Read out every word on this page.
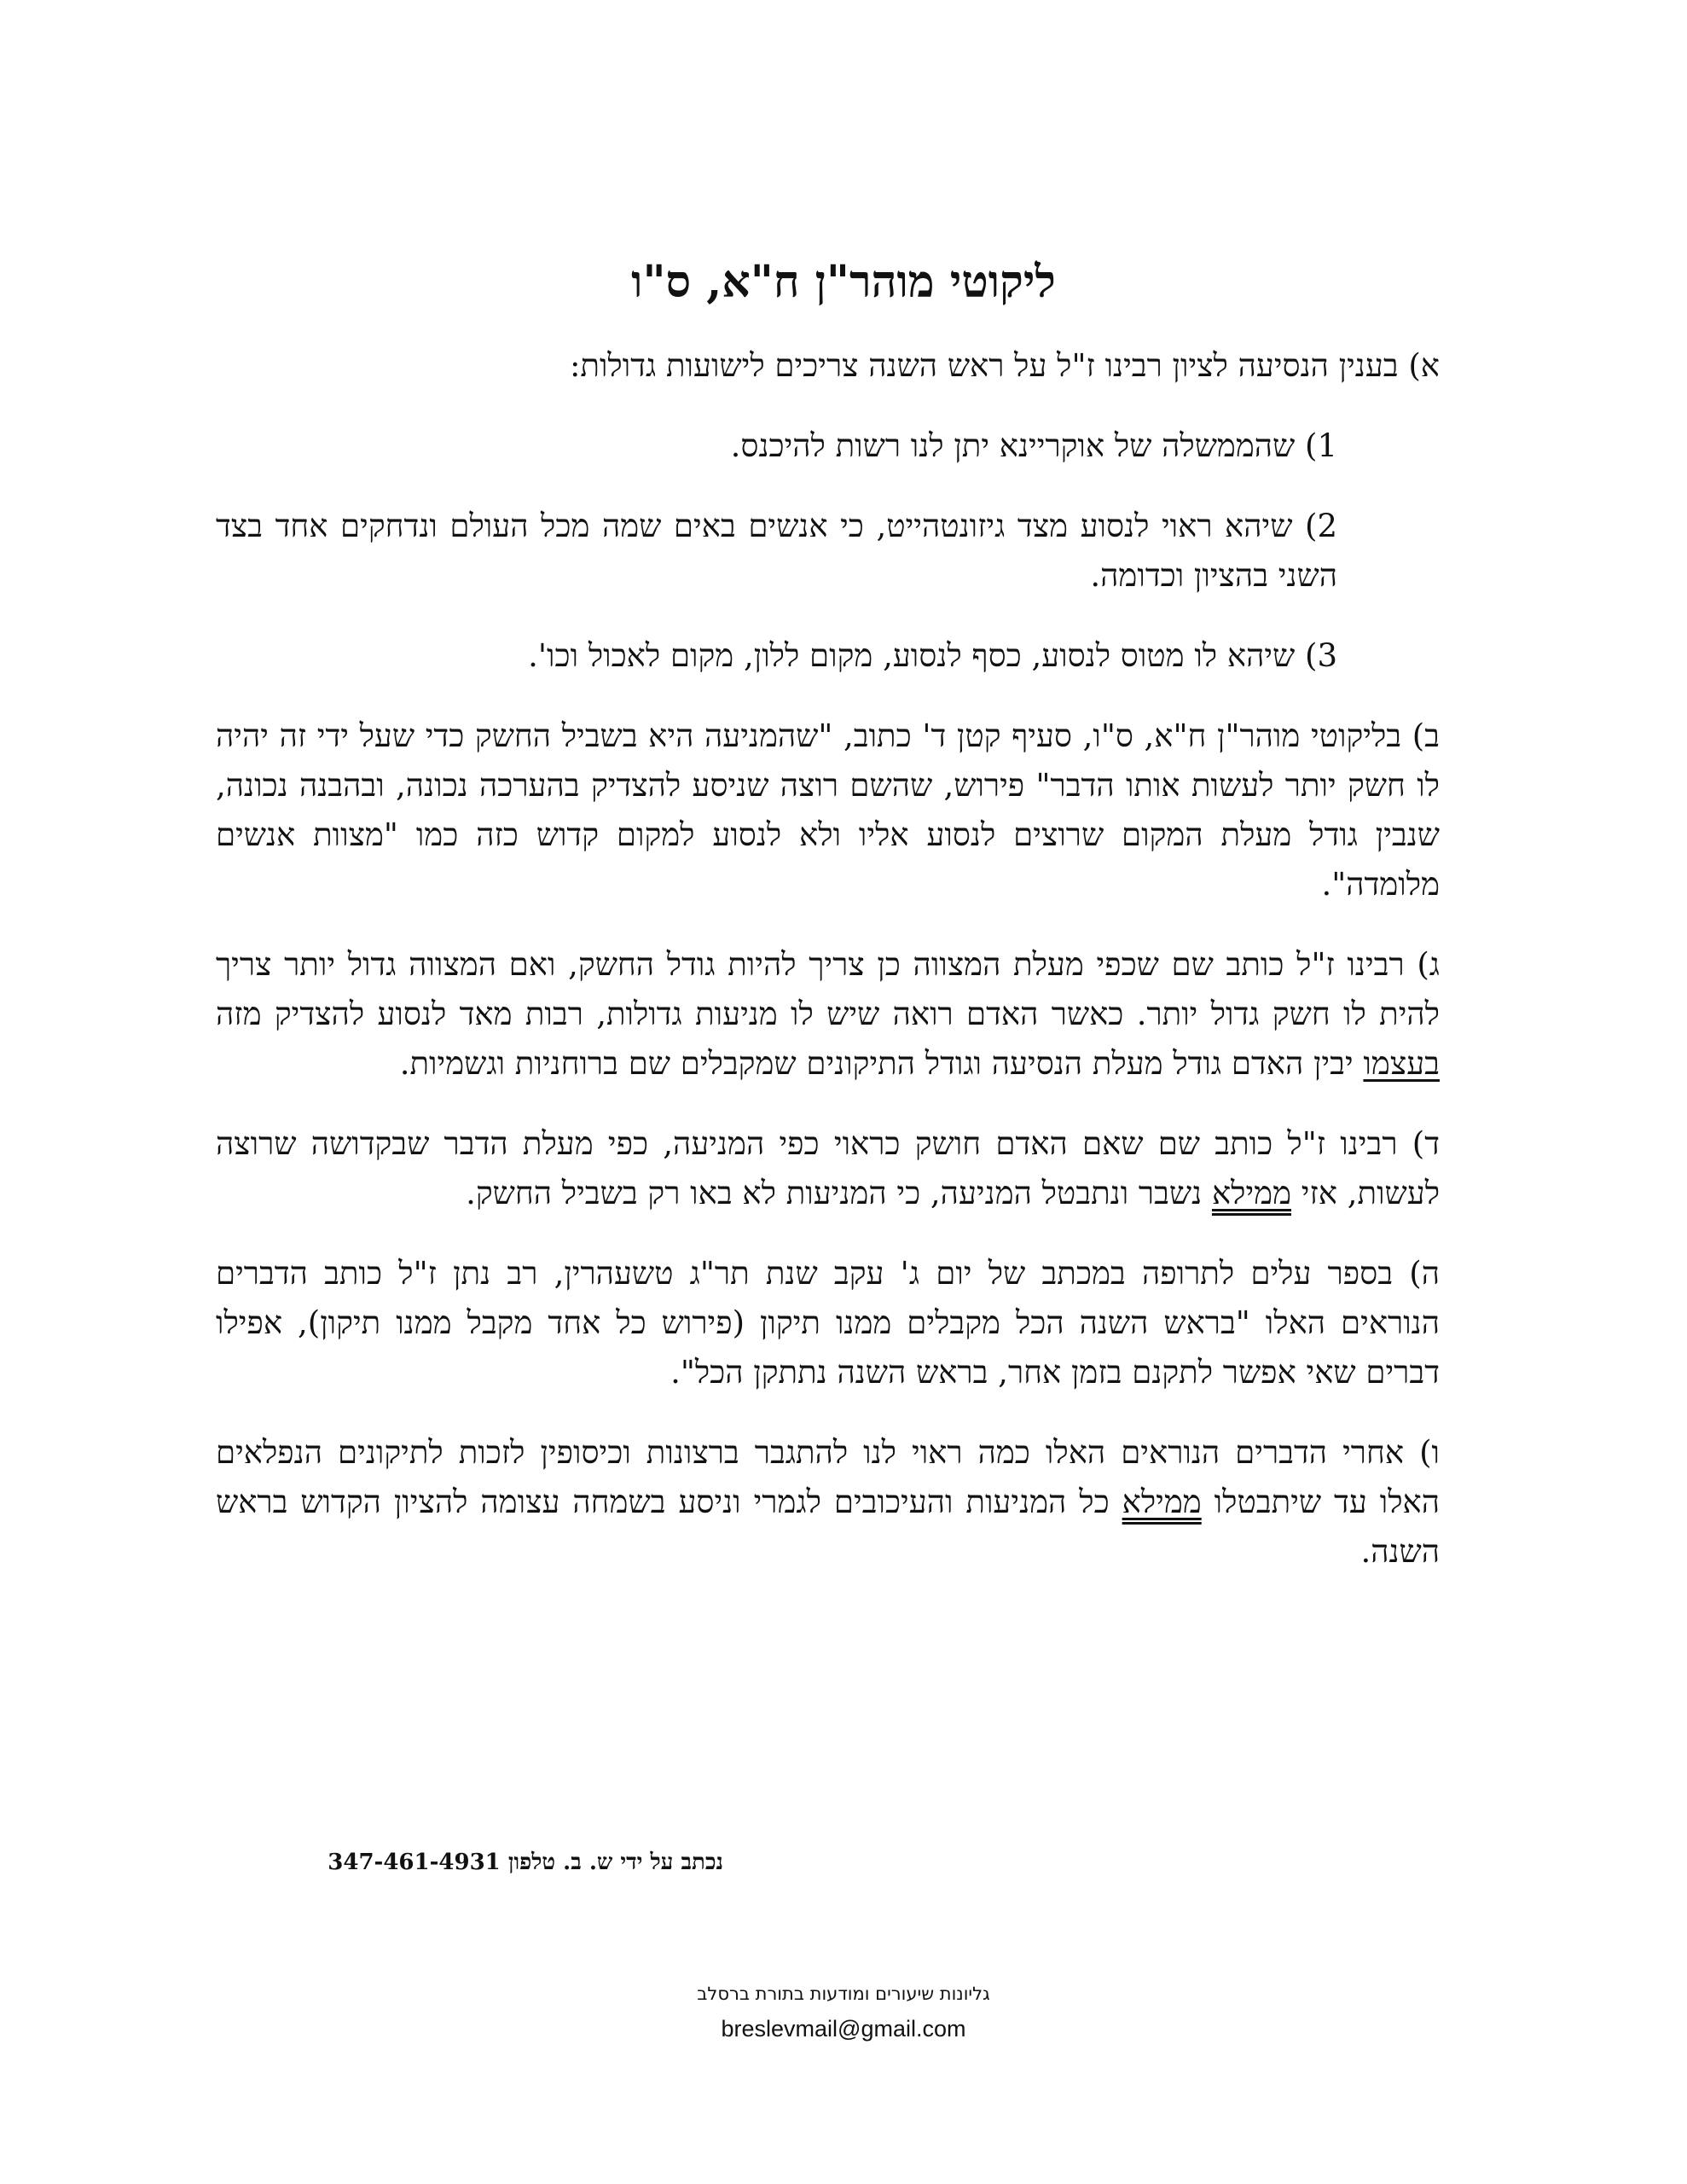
ליקוטי מוהר"ן ח"א, ס"ו

א) בענין הנסיעה לציון רבינו ז"ל על ראש השנה צריכים לישועות גדולות:

1) שהממשלה של אוקריינא יתן לנו רשות להיכנס.

2) שיהא ראוי לנסוע מצד גיזונטהייט, כי אנשים באים שמה מכל העולם ונדחקים אחד בצד השני בהציון וכדומה.

3) שיהא לו מטוס לנסוע, כסף לנסוע, מקום ללון, מקום לאכול וכו'.

ב) בליקוטי מוהר"ן ח"א, ס"ו, סעיף קטן ד' כתוב, "שהמניעה היא בשביל החשק כדי שעל ידי זה יהיה לו חשק יותר לעשות אותו הדבר" פירוש, שהשם רוצה שניסע להצדיק בהערכה נכונה, ובהבנה נכונה, שנבין גודל מעלת המקום שרוצים לנסוע אליו ולא לנסוע למקום קדוש כזה כמו "מצוות אנשים מלומדה".

ג) רבינו ז"ל כותב שם שכפי מעלת המצווה כן צריך להיות גודל החשק, ואם המצווה גדול יותר צריך להית לו חשק גדול יותר. כאשר האדם רואה שיש לו מניעות גדולות, רבות מאד לנסוע להצדיק מזה בעצמו יבין האדם גודל מעלת הנסיעה וגודל התיקונים שמקבלים שם ברוחניות וגשמיות.

ד) רבינו ז"ל כותב שם שאם האדם חושק כראוי כפי המניעה, כפי מעלת הדבר שבקדושה שרוצה לעשות, אזי ממילא נשבר ונתבטל המניעה, כי המניעות לא באו רק בשביל החשק.

ה) בספר עלים לתרופה במכתב של יום ג' עקב שנת תר"ג טשעהרין, רב נתן ז"ל כותב הדברים הנוראים האלו "בראש השנה הכל מקבלים ממנו תיקון (פירוש כל אחד מקבל ממנו תיקון), אפילו דברים שאי אפשר לתקנם בזמן אחר, בראש השנה נתתקן הכל".

ו) אחרי הדברים הנוראים האלו כמה ראוי לנו להתגבר ברצונות וכיסופין לזכות לתיקונים הנפלאים האלו עד שיתבטלו ממילא כל המניעות והעיכובים לגמרי וניסע בשמחה עצומה להציון הקדוש בראש השנה.

נכתב על ידי ש. ב. טלפון 347-461-4931
גליונות שיעורים ומודעות בתורת ברסלב
breslevmail@gmail.com
